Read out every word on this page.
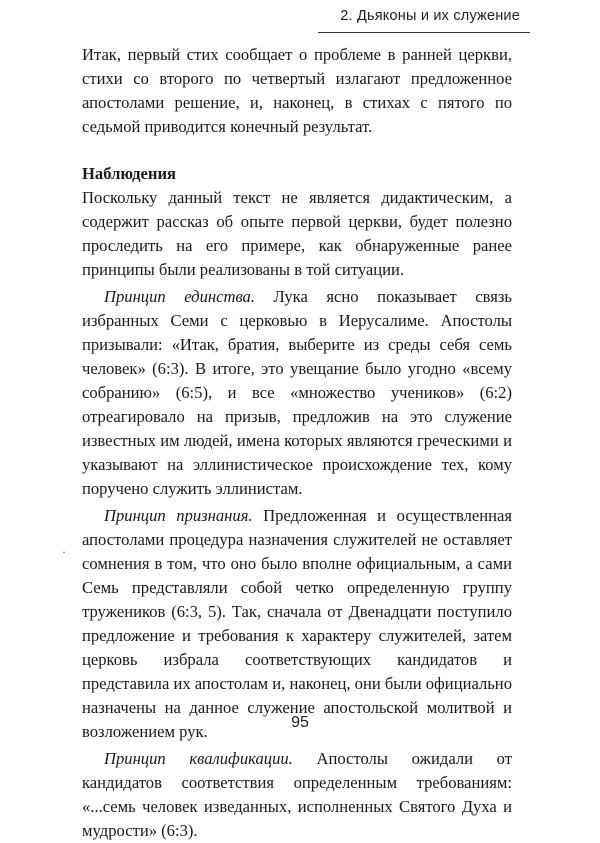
2. Дьяконы и их служение

Итак, первый стих сообщает о проблеме в ранней церкви, стихи со второго по четвертый излагают предложенное апостолами решение, и, наконец, в стихах с пятого по седьмой приводится конечный результат.

Наблюдения

Поскольку данный текст не является дидактическим, а содержит рассказ об опыте первой церкви, будет полезно проследить на его примере, как обнаруженные ранее принципы были реализованы в той ситуации.

Принцип единства. Лука ясно показывает связь избранных Семи с церковью в Иерусалиме. Апостолы призывали: «Итак, братия, выберите из среды себя семь человек» (6:3). В итоге, это увещание было угодно «всему собранию» (6:5), и все «множество учеников» (6:2) отреагировало на призыв, предложив на это служение известных им людей, имена которых являются греческими и указывают на эллинистическое происхождение тех, кому поручено служить эллинистам.

Принцип признания. Предложенная и осуществленная апостолами процедура назначения служителей не оставляет сомнения в том, что оно было вполне официальным, а сами Семь представляли собой четко определенную группу тружеников (6:3, 5). Так, сначала от Двенадцати поступило предложение и требования к характеру служителей, затем церковь избрала соответствующих кандидатов и представила их апостолам и, наконец, они были официально назначены на данное служение апостольской молитвой и возложением рук.

Принцип квалификации. Апостолы ожидали от кандидатов соответствия определенным требованиям: «...семь человек изведанных, исполненных Святого Духа и мудрости» (6:3).

·
95
